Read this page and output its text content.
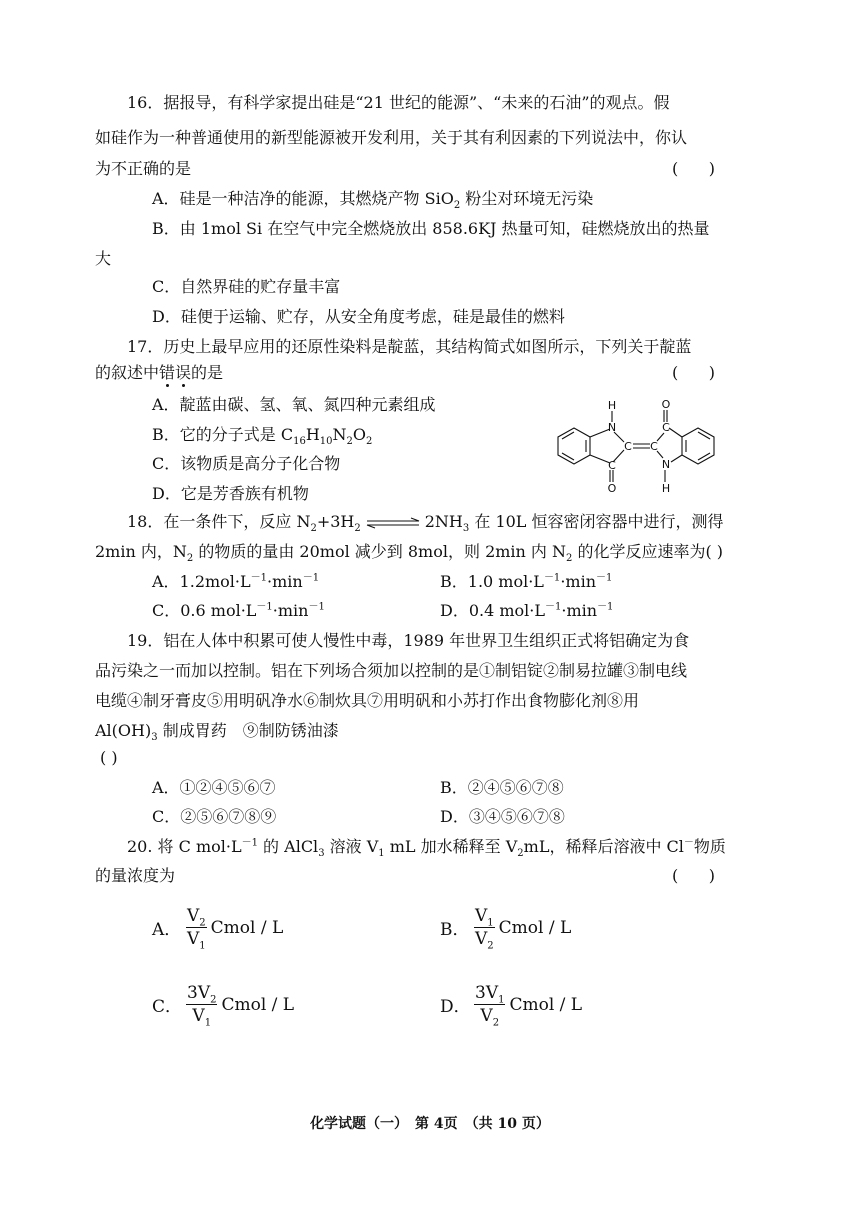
16．据报导，有科学家提出硅是“21 世纪的能源”、“未来的石油”的观点。假
如硅作为一种普通使用的新型能源被开发利用，关于其有利因素的下列说法中，你认
为不正确的是	(      )
A．硅是一种洁净的能源，其燃烧产物 SiO$_2$ 粉尘对环境无污染
B．由 1mol Si 在空气中完全燃烧放出 858.6KJ 热量可知，硅燃烧放出的热量
大
C．自然界硅的贮存量丰富
D．硅便于运输、贮存，从安全角度考虑，硅是最佳的燃料
17．历史上最早应用的还原性染料是靛蓝，其结构简式如图所示，下列关于靛蓝
的叙述中错误的是	(      )
A．靛蓝由碳、氢、氧、氮四种元素组成
B．它的分子式是 $C_{16}H_{10}N_2O_2$
C．该物质是高分子化合物
D．它是芳香族有机物
H
N
C C
C
O
C
O
N
H
18．在一条件下，反应 $N_2+3H_2$ ⇌ $2NH_3$ 在 10L 恒容密闭容器中进行，测得
2min 内，$N_2$ 的物质的量由 20mol 减少到 8mol，则 2min 内 $N_2$ 的化学反应速率为( )
A．$1.2mol\cdot L^{-1}\cdot\min^{-1}$	B．1.0 $mol\cdot L^{-1}\cdot\min^{-1}$
C．0.6 $mol\cdot L^{-1}\cdot\min^{-1}$	D．0.4 $mol\cdot L^{-1}\cdot\min^{-1}$
19．铝在人体中积累可使人慢性中毒，1989 年世界卫生组织正式将铝确定为食
品污染之一而加以控制。铝在下列场合须加以控制的是①制铝锭②制易拉罐③制电线
电缆④制牙膏皮⑤用明矾净水⑥制炊具⑦用明矾和小苏打作出食物膨化剂⑧用
$Al(OH)_3$ 制成胃药　⑨制防锈油漆
( )
A．①②④⑤⑥⑦	B．②④⑤⑥⑦⑧
C．②⑤⑥⑦⑧⑨	D．③④⑤⑥⑦⑧
20. 将 C $mol\cdot L^{-1}$ 的 AlCl$_3$ 溶液 $V_1$ mL 加水稀释至 $V_2mL$，稀释后溶液中 Cl－物质
的量浓度为	(      )
A． $\frac{V_2}{V_1}$ Cmol / L	B． $\frac{V_1}{V_2}$ Cmol / L
C． $\frac{3V_2}{V_1}$ Cmol / L	D． $\frac{3V_1}{V_2}$ Cmol / L
化学试题（一）　第 4页　（共 10 页）
